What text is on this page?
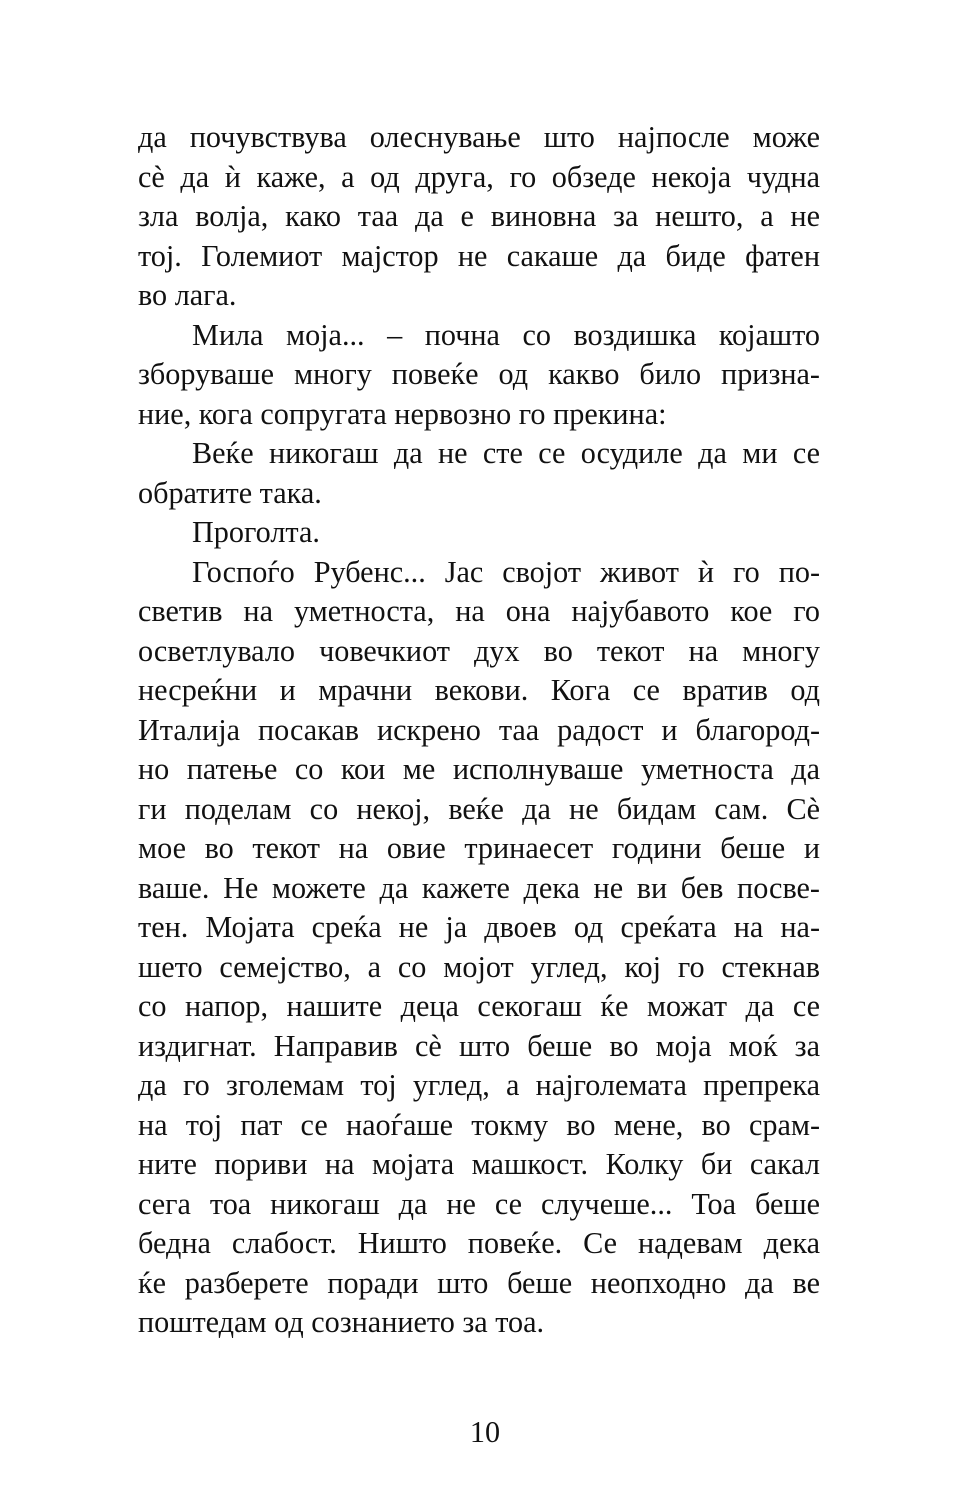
да почувствува олеснување што најпосле може
сè да ѝ каже, а од друга, го обзеде некоја чудна
зла волја, како таа да е виновна за нешто, а не
тој. Големиот мајстор не сакаше да биде фатен
во лага.
Мила моја... – почна со воздишка којашто
зборуваше многу повеќе од какво било призна-
ние, кога сопругата нервозно го прекина:
Веќе никогаш да не сте се осудиле да ми се
обратите така.
Проголта.
Госпоѓо Рубенс... Јас својот живот ѝ го по-
светив на уметноста, на она најубавото кое го
осветлувало човечкиот дух во текот на многу
несреќни и мрачни векови. Кога се вратив од
Италија посакав искрено таа радост и благород-
но патење со кои ме исполнуваше уметноста да
ги поделам со некој, веќе да не бидам сам. Сè
мое во текот на овие тринаесет години беше и
ваше. Не можете да кажете дека не ви бев посве-
тен. Мојата среќа не ја двоев од среќата на на-
шето семејство, а со мојот углед, кој го стекнав
со напор, нашите деца секогаш ќе можат да се
издигнат. Направив сè што беше во моја моќ за
да го зголемам тој углед, а најголемата препрека
на тој пат се наоѓаше токму во мене, во срам-
ните пориви на мојата машкост. Колку би сакал
сега тоа никогаш да не се случеше... Тоа беше
бедна слабост. Ништо повеќе. Се надевам дека
ќе разберете поради што беше неопходно да ве
поштедам од сознанието за тоа.
10
